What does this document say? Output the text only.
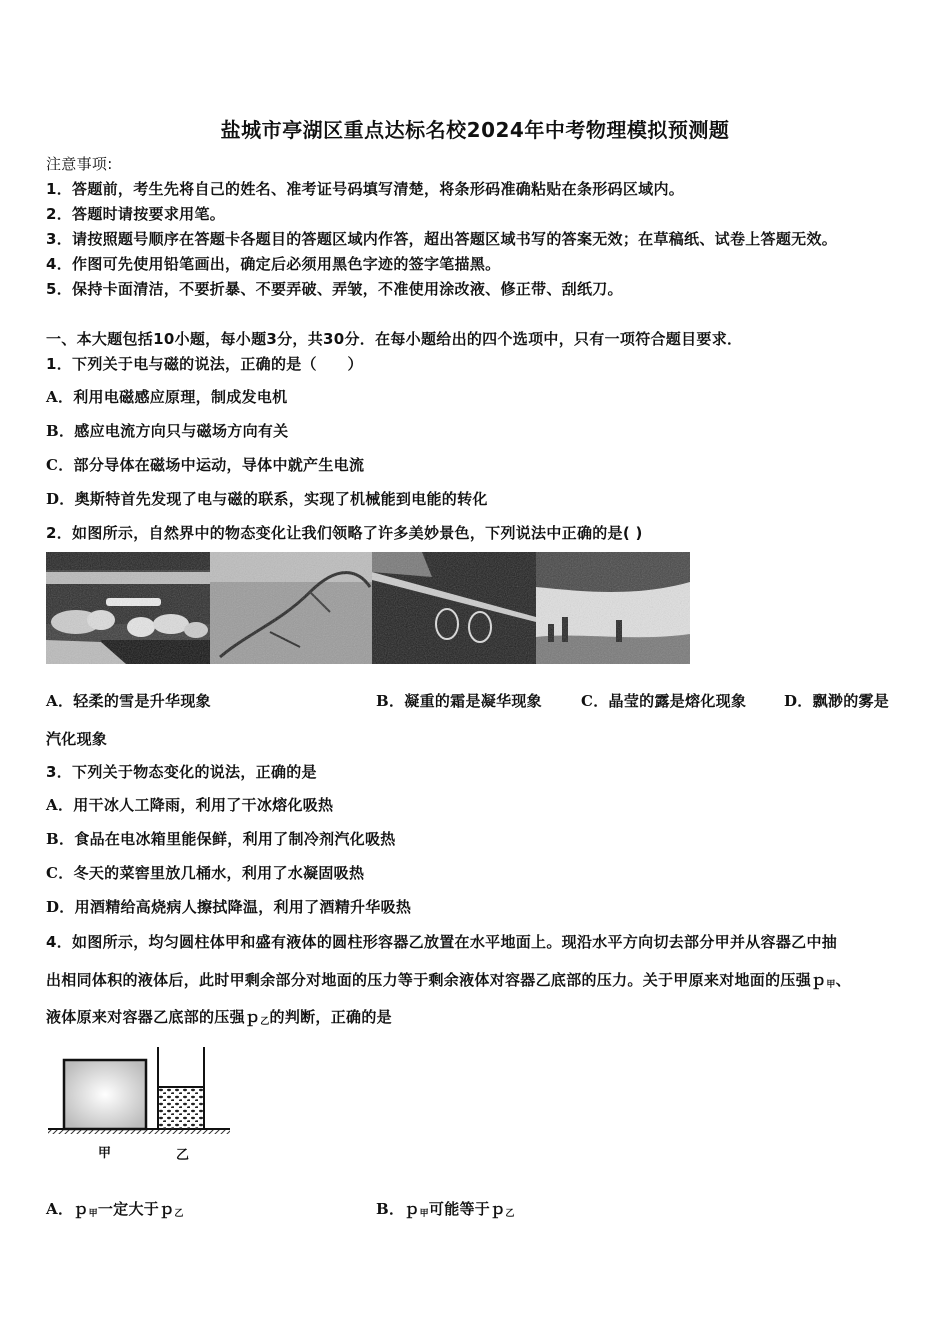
盐城市亭湖区重点达标名校2024年中考物理模拟预测题
注意事项:
1．答题前，考生先将自己的姓名、准考证号码填写清楚，将条形码准确粘贴在条形码区域内。
2．答题时请按要求用笔。
3．请按照题号顺序在答题卡各题目的答题区域内作答，超出答题区域书写的答案无效；在草稿纸、试卷上答题无效。
4．作图可先使用铅笔画出，确定后必须用黑色字迹的签字笔描黑。
5．保持卡面清洁，不要折暴、不要弄破、弄皱，不准使用涂改液、修正带、刮纸刀。
一、本大题包括10小题，每小题3分，共30分．在每小题给出的四个选项中，只有一项符合题目要求．
1．下列关于电与磁的说法，正确的是（　　）
A．利用电磁感应原理，制成发电机
B．感应电流方向只与磁场方向有关
C．部分导体在磁场中运动，导体中就产生电流
D．奥斯特首先发现了电与磁的联系，实现了机械能到电能的转化
2．如图所示，自然界中的物态变化让我们领略了许多美妙景色，下列说法中正确的是( )
A．轻柔的雪是升华现象	B．凝重的霜是凝华现象	C．晶莹的露是熔化现象	D．飘渺的雾是
汽化现象
3．下列关于物态变化的说法，正确的是
A．用干冰人工降雨，利用了干冰熔化吸热
B．食品在电冰箱里能保鲜，利用了制冷剂汽化吸热
C．冬天的菜窖里放几桶水，利用了水凝固吸热
D．用酒精给高烧病人擦拭降温，利用了酒精升华吸热
4．如图所示，均匀圆柱体甲和盛有液体的圆柱形容器乙放置在水平地面上。现沿水平方向切去部分甲并从容器乙中抽
出相同体积的液体后，此时甲剩余部分对地面的压力等于剩余液体对容器乙底部的压力。关于甲原来对地面的压强ｐ$_甲$、
液体原来对容器乙底部的压强ｐ$_乙$的判断，正确的是
甲	乙
A．ｐ$_甲$一定大于ｐ$_乙$	B．ｐ$_甲$可能等于ｐ$_乙$
